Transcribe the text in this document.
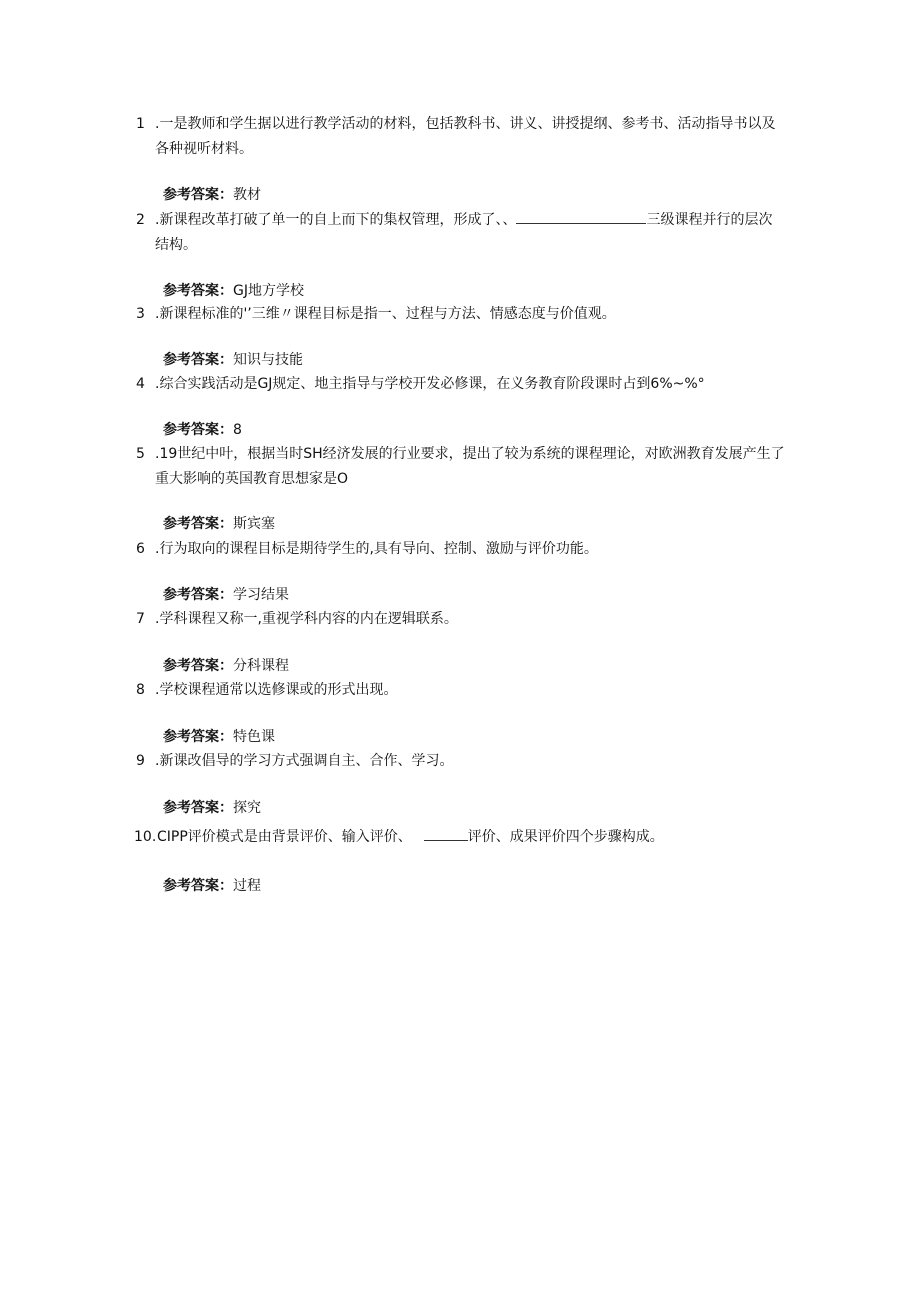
1 .一是教师和学生据以进行教学活动的材料，包括教科书、讲义、讲授提纲、参考书、活动指导书以及各种视听材料。
参考答案：教材
2 .新课程改革打破了单一的自上而下的集权管理，形成了、、	三级课程并行的层次结构。
参考答案：GJ地方学校
3 .新课程标准的'’三维〃课程目标是指一、过程与方法、情感态度与价值观。
参考答案：知识与技能
4 .综合实践活动是GJ规定、地主指导与学校开发必修课，在义务教育阶段课时占到6%~%°
参考答案：8
5 .19世纪中叶，根据当时SH经济发展的行业要求，提出了较为系统的课程理论，对欧洲教育发展产生了重大影响的英国教育思想家是O
参考答案：斯宾塞
6 .行为取向的课程目标是期待学生的,具有导向、控制、激励与评价功能。
参考答案：学习结果
7 .学科课程又称一,重视学科内容的内在逻辑联系。
参考答案：分科课程
8 .学校课程通常以选修课或的形式出现。
参考答案：特色课
9 .新课改倡导的学习方式强调自主、合作、学习。
参考答案：探究
10. CIPP评价模式是由背景评价、输入评价、	评价、成果评价四个步骤构成。
参考答案：过程
